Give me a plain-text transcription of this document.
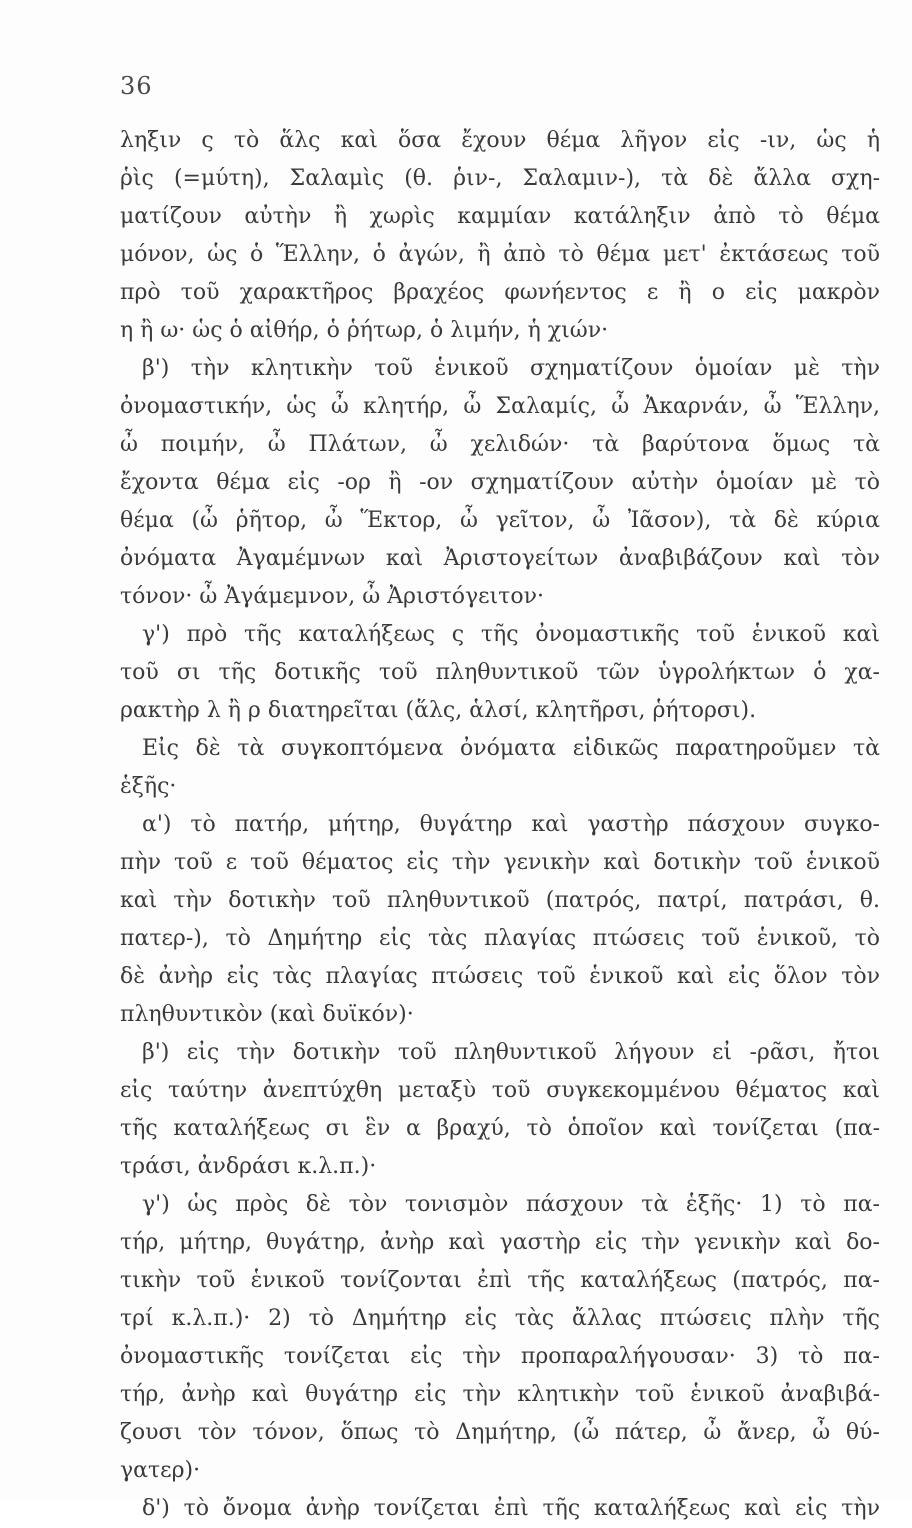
36
ληξιν ς τὸ ἅλς καὶ ὅσα ἔχουν θέμα λῆγον εἰς -ιν, ὡς ἡ
ῥὶς (=μύτη), Σαλαμὶς (θ. ῥιν-, Σαλαμιν-), τὰ δὲ ἄλλα σχη-
ματίζουν αὐτὴν ἢ χωρὶς καμμίαν κατάληξιν ἀπὸ τὸ θέμα
μόνον, ὡς ὁ Ἕλλην, ὁ ἀγών, ἢ ἀπὸ τὸ θέμα μετ' ἐκτάσεως τοῦ
πρὸ τοῦ χαρακτῆρος βραχέος φωνήεντος ε ἢ ο εἰς μακρὸν
η ἢ ω· ὡς ὁ αἰθήρ, ὁ ῥήτωρ, ὁ λιμήν, ἡ χιών·
β') τὴν κλητικὴν τοῦ ἑνικοῦ σχηματίζουν ὁμοίαν μὲ τὴν
ὀνομαστικήν, ὡς ὦ κλητήρ, ὦ Σαλαμίς, ὦ Ἀκαρνάν, ὦ Ἕλλην,
ὦ ποιμήν, ὦ Πλάτων, ὦ χελιδών· τὰ βαρύτονα ὅμως τὰ
ἔχοντα θέμα εἰς -ορ ἢ -ον σχηματίζουν αὐτὴν ὁμοίαν μὲ τὸ
θέμα (ὦ ῥῆτορ, ὦ Ἕκτορ, ὦ γεῖτον, ὦ Ἰᾶσον), τὰ δὲ κύρια
ὀνόματα Ἀγαμέμνων καὶ Ἀριστογείτων ἀναβιβάζουν καὶ τὸν
τόνον· ὦ Ἀγάμεμνον, ὦ Ἀριστόγειτον·
γ') πρὸ τῆς καταλήξεως ς τῆς ὀνομαστικῆς τοῦ ἑνικοῦ καὶ
τοῦ σι τῆς δοτικῆς τοῦ πληθυντικοῦ τῶν ὑγρολήκτων ὁ χα-
ρακτὴρ λ ἢ ρ διατηρεῖται (ἅλς, ἁλσί, κλητῆρσι, ῥήτορσι).
Εἰς δὲ τὰ συγκοπτόμενα ὀνόματα εἰδικῶς παρατηροῦμεν τὰ
ἑξῆς·
α') τὸ πατήρ, μήτηρ, θυγάτηρ καὶ γαστὴρ πάσχουν συγκο-
πὴν τοῦ ε τοῦ θέματος εἰς τὴν γενικὴν καὶ δοτικὴν τοῦ ἑνικοῦ
καὶ τὴν δοτικὴν τοῦ πληθυντικοῦ (πατρός, πατρί, πατράσι, θ.
πατερ-), τὸ Δημήτηρ εἰς τὰς πλαγίας πτώσεις τοῦ ἑνικοῦ, τὸ
δὲ ἀνὴρ εἰς τὰς πλαγίας πτώσεις τοῦ ἑνικοῦ καὶ εἰς ὅλον τὸν
πληθυντικὸν (καὶ δυϊκόν)·
β') εἰς τὴν δοτικὴν τοῦ πληθυντικοῦ λήγουν εἰ -ρᾶσι, ἤτοι
εἰς ταύτην ἀνεπτύχθη μεταξὺ τοῦ συγκεκομμένου θέματος καὶ
τῆς καταλήξεως σι ἓν α βραχύ, τὸ ὁποῖον καὶ τονίζεται (πα-
τράσι, ἀνδράσι κ.λ.π.)·
γ') ὡς πρὸς δὲ τὸν τονισμὸν πάσχουν τὰ ἑξῆς· 1) τὸ πα-
τήρ, μήτηρ, θυγάτηρ, ἀνὴρ καὶ γαστὴρ εἰς τὴν γενικὴν καὶ δο-
τικὴν τοῦ ἑνικοῦ τονίζονται ἐπὶ τῆς καταλήξεως (πατρός, πα-
τρί κ.λ.π.)· 2) τὸ Δημήτηρ εἰς τὰς ἄλλας πτώσεις πλὴν τῆς
ὀνομαστικῆς τονίζεται εἰς τὴν προπαραλήγουσαν· 3) τὸ πα-
τήρ, ἀνὴρ καὶ θυγάτηρ εἰς τὴν κλητικὴν τοῦ ἑνικοῦ ἀναβιβά-
ζουσι τὸν τόνον, ὅπως τὸ Δημήτηρ, (ὦ πάτερ, ὦ ἄνερ, ὦ θύ-
γατερ)·
δ') τὸ ὄνομα ἀνὴρ τονίζεται ἐπὶ τῆς καταλήξεως καὶ εἰς τὴν
